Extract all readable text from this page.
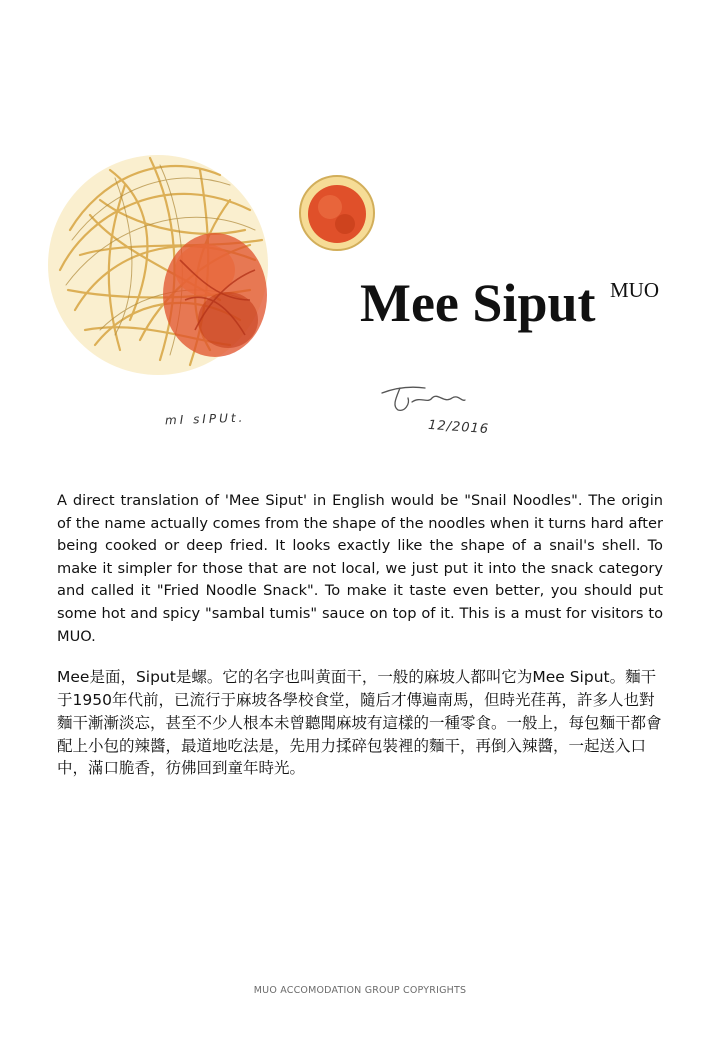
Mee Siput MUO
mI sIPUt.	12/2016

A direct translation of 'Mee Siput' in English would be "Snail Noodles". The origin of the name actually comes from the shape of the noodles when it turns hard after being cooked or deep fried. It looks exactly like the shape of a snail's shell. To make it simpler for those that are not local, we just put it into the snack category and called it "Fried Noodle Snack". To make it taste even better, you should put some hot and spicy "sambal tumis" sauce on top of it. This is a must for visitors to MUO.

Mee是面，Siput是螺。它的名字也叫黄面干，一般的麻坡人都叫它为Mee Siput。麵干于1950年代前，已流行于麻坡各學校食堂，隨后才傳遍南馬，但時光荏苒，許多人也對麵干漸漸淡忘，甚至不少人根本未曾聽聞麻坡有這樣的一種零食。一般上，每包麵干都會配上小包的辣醬，最道地吃法是，先用力揉碎包裝裡的麵干，再倒入辣醬，一起送入口中，滿口脆香，彷佛回到童年時光。

MUO ACCOMODATION GROUP COPYRIGHTS
